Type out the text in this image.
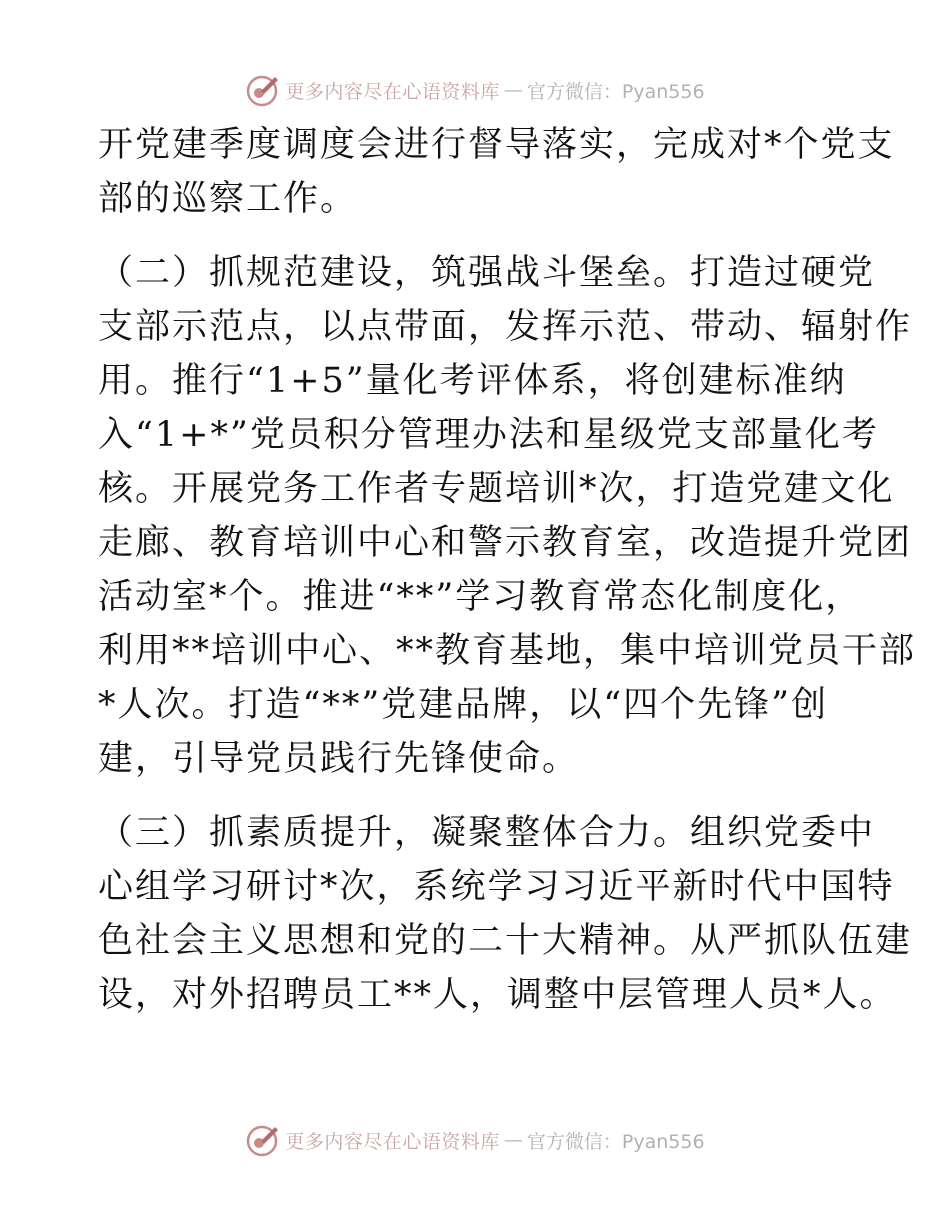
更多内容尽在心语资料库 — 官方微信：Pyan556

开党建季度调度会进行督导落实，完成对*个党支
部的巡察工作。

（二）抓规范建设，筑强战斗堡垒。打造过硬党
支部示范点，以点带面，发挥示范、带动、辐射作
用。推行“1+5”量化考评体系，将创建标准纳
入“1+*”党员积分管理办法和星级党支部量化考
核。开展党务工作者专题培训*次，打造党建文化
走廊、教育培训中心和警示教育室，改造提升党团
活动室*个。推进“**”学习教育常态化制度化，
利用**培训中心、**教育基地，集中培训党员干部
*人次。打造“**”党建品牌，以“四个先锋”创
建，引导党员践行先锋使命。

（三）抓素质提升，凝聚整体合力。组织党委中
心组学习研讨*次，系统学习习近平新时代中国特
色社会主义思想和党的二十大精神。从严抓队伍建
设，对外招聘员工**人，调整中层管理人员*人。

更多内容尽在心语资料库 — 官方微信：Pyan556
